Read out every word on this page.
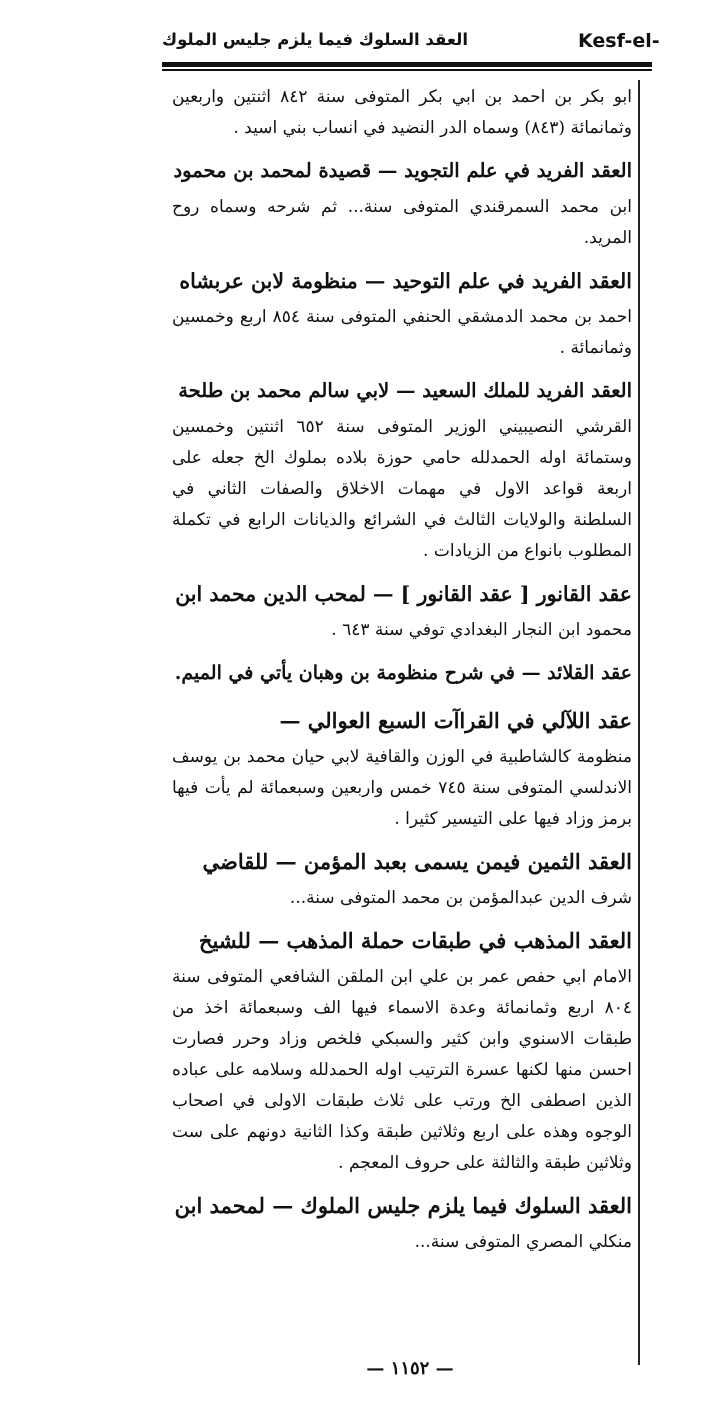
العقد السلوك فيما يلزم جليس الملوك	Kesf-el-

ابو بكر بن احمد بن ابي بكر المتوفى سنة ٨٤٢ اثنتين واربعين وثمانمائة (٨٤٣) وسماه الدر النضيد في انساب بني اسيد .

العقد الفريد في علم التجويد — قصيدة لمحمد بن محمود

ابن محمد السمرقندي المتوفى سنة... ثم شرحه وسماه روح المريد.

العقد الفريد في علم التوحيد — منظومة لابن عربشاه

احمد بن محمد الدمشقي الحنفي المتوفى سنة ٨٥٤ اربع وخمسين وثمانمائة .

العقد الفريد للملك السعيد — لابي سالم محمد بن طلحة

القرشي النصيبيني الوزير المتوفى سنة ٦٥٢ اثنتين وخمسين وستمائة اوله الحمدلله حامي حوزة بلاده بملوك الخ جعله على اربعة قواعد الاول في مهمات الاخلاق والصفات الثاني في السلطنة والولايات الثالث في الشرائع والديانات الرابع في تكملة المطلوب بانواع من الزيادات .

عقد القانور [ عقد القانور ] — لمحب الدين محمد ابن

محمود ابن النجار البغدادي توفي سنة ٦٤٣ .

عقد القلائد — في شرح منظومة بن وهبان يأتي في الميم.

عقد اللآلي في القراآت السبع العوالي —

منظومة كالشاطبية في الوزن والقافية لابي حيان محمد بن يوسف الاندلسي المتوفى سنة ٧٤٥ خمس واربعين وسبعمائة لم يأت فيها برمز وزاد فيها على التيسير كثيرا .

العقد الثمين فيمن يسمى بعبد المؤمن — للقاضي

شرف الدين عبدالمؤمن بن محمد المتوفى سنة...

العقد المذهب في طبقات حملة المذهب — للشيخ

الامام ابي حفص عمر بن علي ابن الملقن الشافعي المتوفى سنة ٨٠٤ اربع وثمانمائة وعدة الاسماء فيها الف وسبعمائة اخذ من طبقات الاسنوي وابن كثير والسبكي فلخص وزاد وحرر فصارت احسن منها لكنها عسرة الترتيب اوله الحمدلله وسلامه على عباده الذين اصطفى الخ ورتب على ثلاث طبقات الاولى في اصحاب الوجوه وهذه على اربع وثلاثين طبقة وكذا الثانية دونهم على ست وثلاثين طبقة والثالثة على حروف المعجم .

العقد السلوك فيما يلزم جليس الملوك — لمحمد ابن

منكلي المصري المتوفى سنة...

— ١١٥٢ —
